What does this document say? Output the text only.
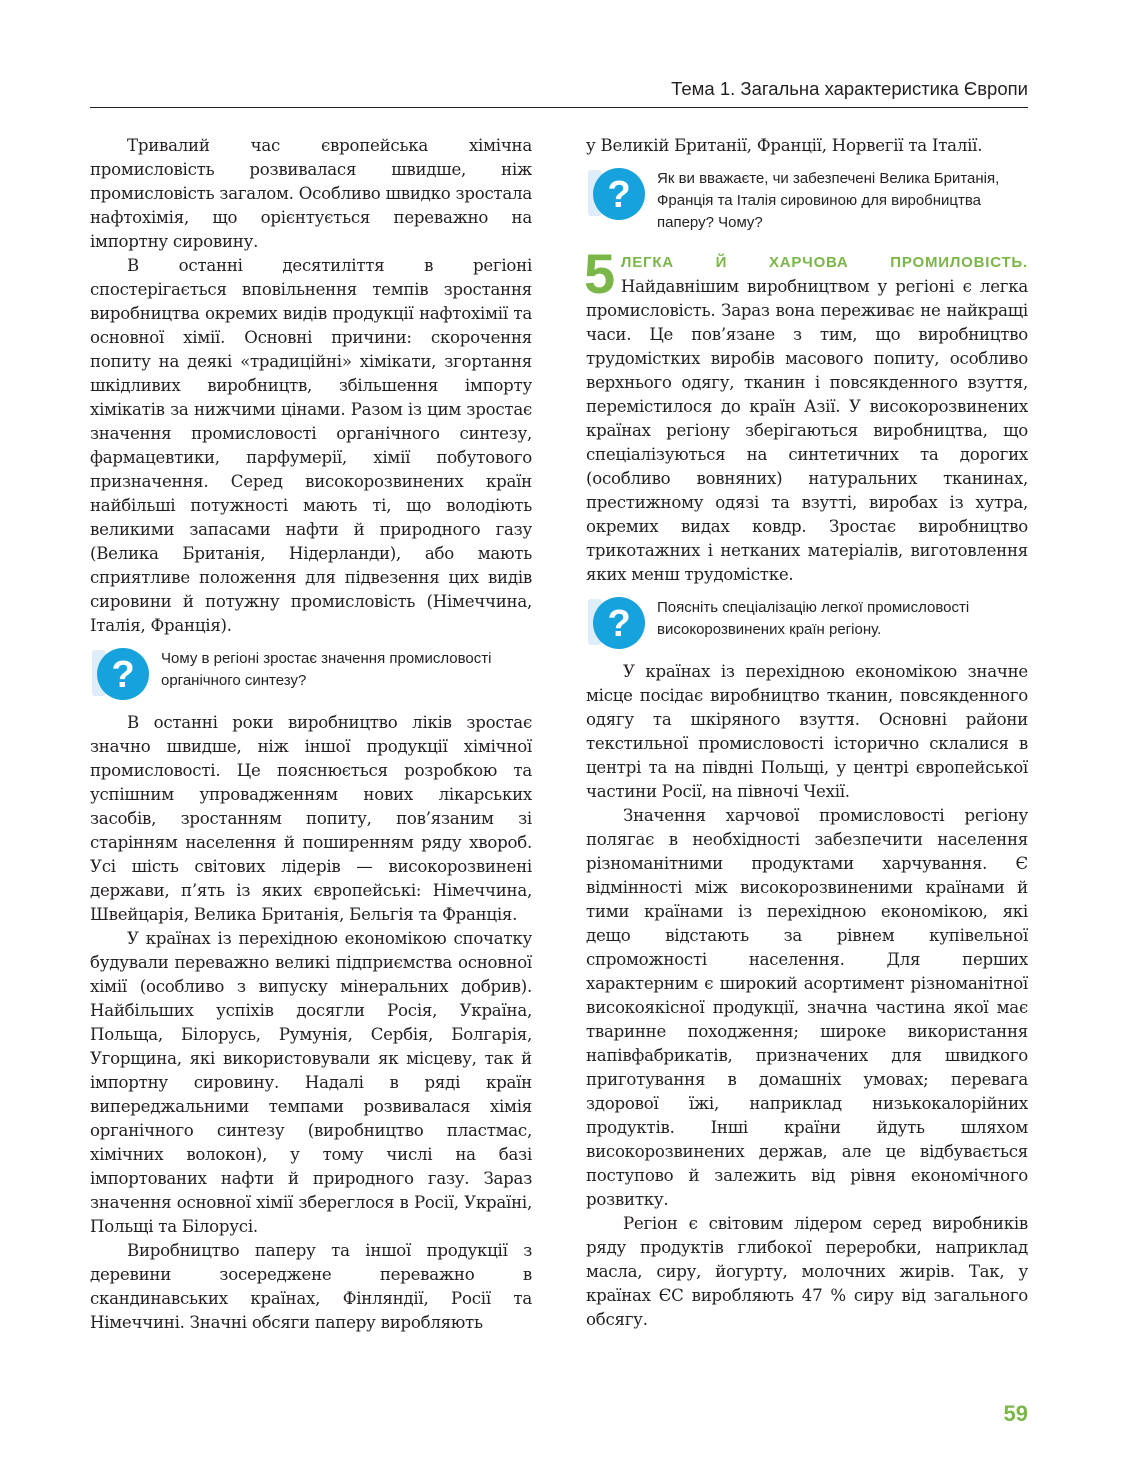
Тема 1. Загальна характеристика Європи

Тривалий час європейська хімічна промисловість розвивалася швидше, ніж промисловість загалом. Особливо швидко зростала нафтохімія, що орієнтується переважно на імпортну сировину.

В останні десятиліття в регіоні спостерігається вповільнення темпів зростання виробництва окремих видів продукції нафтохімії та основної хімії. Основні причини: скорочення попиту на деякі «традиційні» хімікати, згортання шкідливих виробництв, збільшення імпорту хімікатів за нижчими цінами. Разом із цим зростає значення промисловості органічного синтезу, фармацевтики, парфумерії, хімії побутового призначення. Серед високорозвинених країн найбільші потужності мають ті, що володіють великими запасами нафти й природного газу (Велика Британія, Нідерланди), або мають сприятливе положення для підвезення цих видів сировини й потужну промисловість (Німеччина, Італія, Франція).

? Чому в регіоні зростає значення промисловості органічного синтезу?

В останні роки виробництво ліків зростає значно швидше, ніж іншої продукції хімічної промисловості. Це пояснюється розробкою та успішним упровадженням нових лікарських засобів, зростанням попиту, пов’язаним зі старінням населення й поширенням ряду хвороб. Усі шість світових лідерів — високорозвинені держави, п’ять із яких європейські: Німеччина, Швейцарія, Велика Британія, Бельгія та Франція.

У країнах із перехідною економікою спочатку будували переважно великі підприємства основної хімії (особливо з випуску мінеральних добрив). Найбільших успіхів досягли Росія, Україна, Польща, Білорусь, Румунія, Сербія, Болгарія, Угорщина, які використовували як місцеву, так й імпортну сировину. Надалі в ряді країн випереджальними темпами розвивалася хімія органічного синтезу (виробництво пластмас, хімічних волокон), у тому числі на базі імпортованих нафти й природного газу. Зараз значення основної хімії збереглося в Росії, Україні, Польщі та Білорусі.

Виробництво паперу та іншої продукції з деревини зосереджене переважно в скандинавських країнах, Фінляндії, Росії та Німеччині. Значні обсяги паперу виробляють

у Великій Британії, Франції, Норвегії та Італії.

? Як ви вважаєте, чи забезпечені Велика Британія, Франція та Італія сировиною для виробництва паперу? Чому?
5 ЛЕГКА Й ХАРЧОВА ПРОМИЛОВІСТЬ. Найдавнішим виробництвом у регіоні є легка промисловість. Зараз вона переживає не найкращі часи. Це пов’язане з тим, що виробництво трудомістких виробів масового попиту, особливо верхнього одягу, тканин і повсякденного взуття, перемістилося до країн Азії. У високорозвинених країнах регіону зберігаються виробництва, що спеціалізуються на синтетичних та дорогих (особливо вовняних) натуральних тканинах, престижному одязі та взутті, виробах із хутра, окремих видах ковдр. Зростає виробництво трикотажних і нетканих матеріалів, виготовлення яких менш трудомістке.

? Поясніть спеціалізацію легкої промисловості високорозвинених країн регіону.

У країнах із перехідною економікою значне місце посідає виробництво тканин, повсякденного одягу та шкіряного взуття. Основні райони текстильної промисловості історично склалися в центрі та на півдні Польщі, у центрі європейської частини Росії, на півночі Чехії.

Значення харчової промисловості регіону полягає в необхідності забезпечити населення різноманітними продуктами харчування. Є відмінності між високорозвиненими країнами й тими країнами із перехідною економікою, які дещо відстають за рівнем купівельної спроможності населення. Для перших характерним є широкий асортимент різноманітної високоякісної продукції, значна частина якої має тваринне походження; широке використання напівфабрикатів, призначених для швидкого приготування в домашніх умовах; перевага здорової їжі, наприклад низькокалорійних продуктів. Інші країни йдуть шляхом високорозвинених держав, але це відбувається поступово й залежить від рівня економічного розвитку.

Регіон є світовим лідером серед виробників ряду продуктів глибокої переробки, наприклад масла, сиру, йогурту, молочних жирів. Так, у країнах ЄС виробляють 47 % сиру від загального обсягу.

59
